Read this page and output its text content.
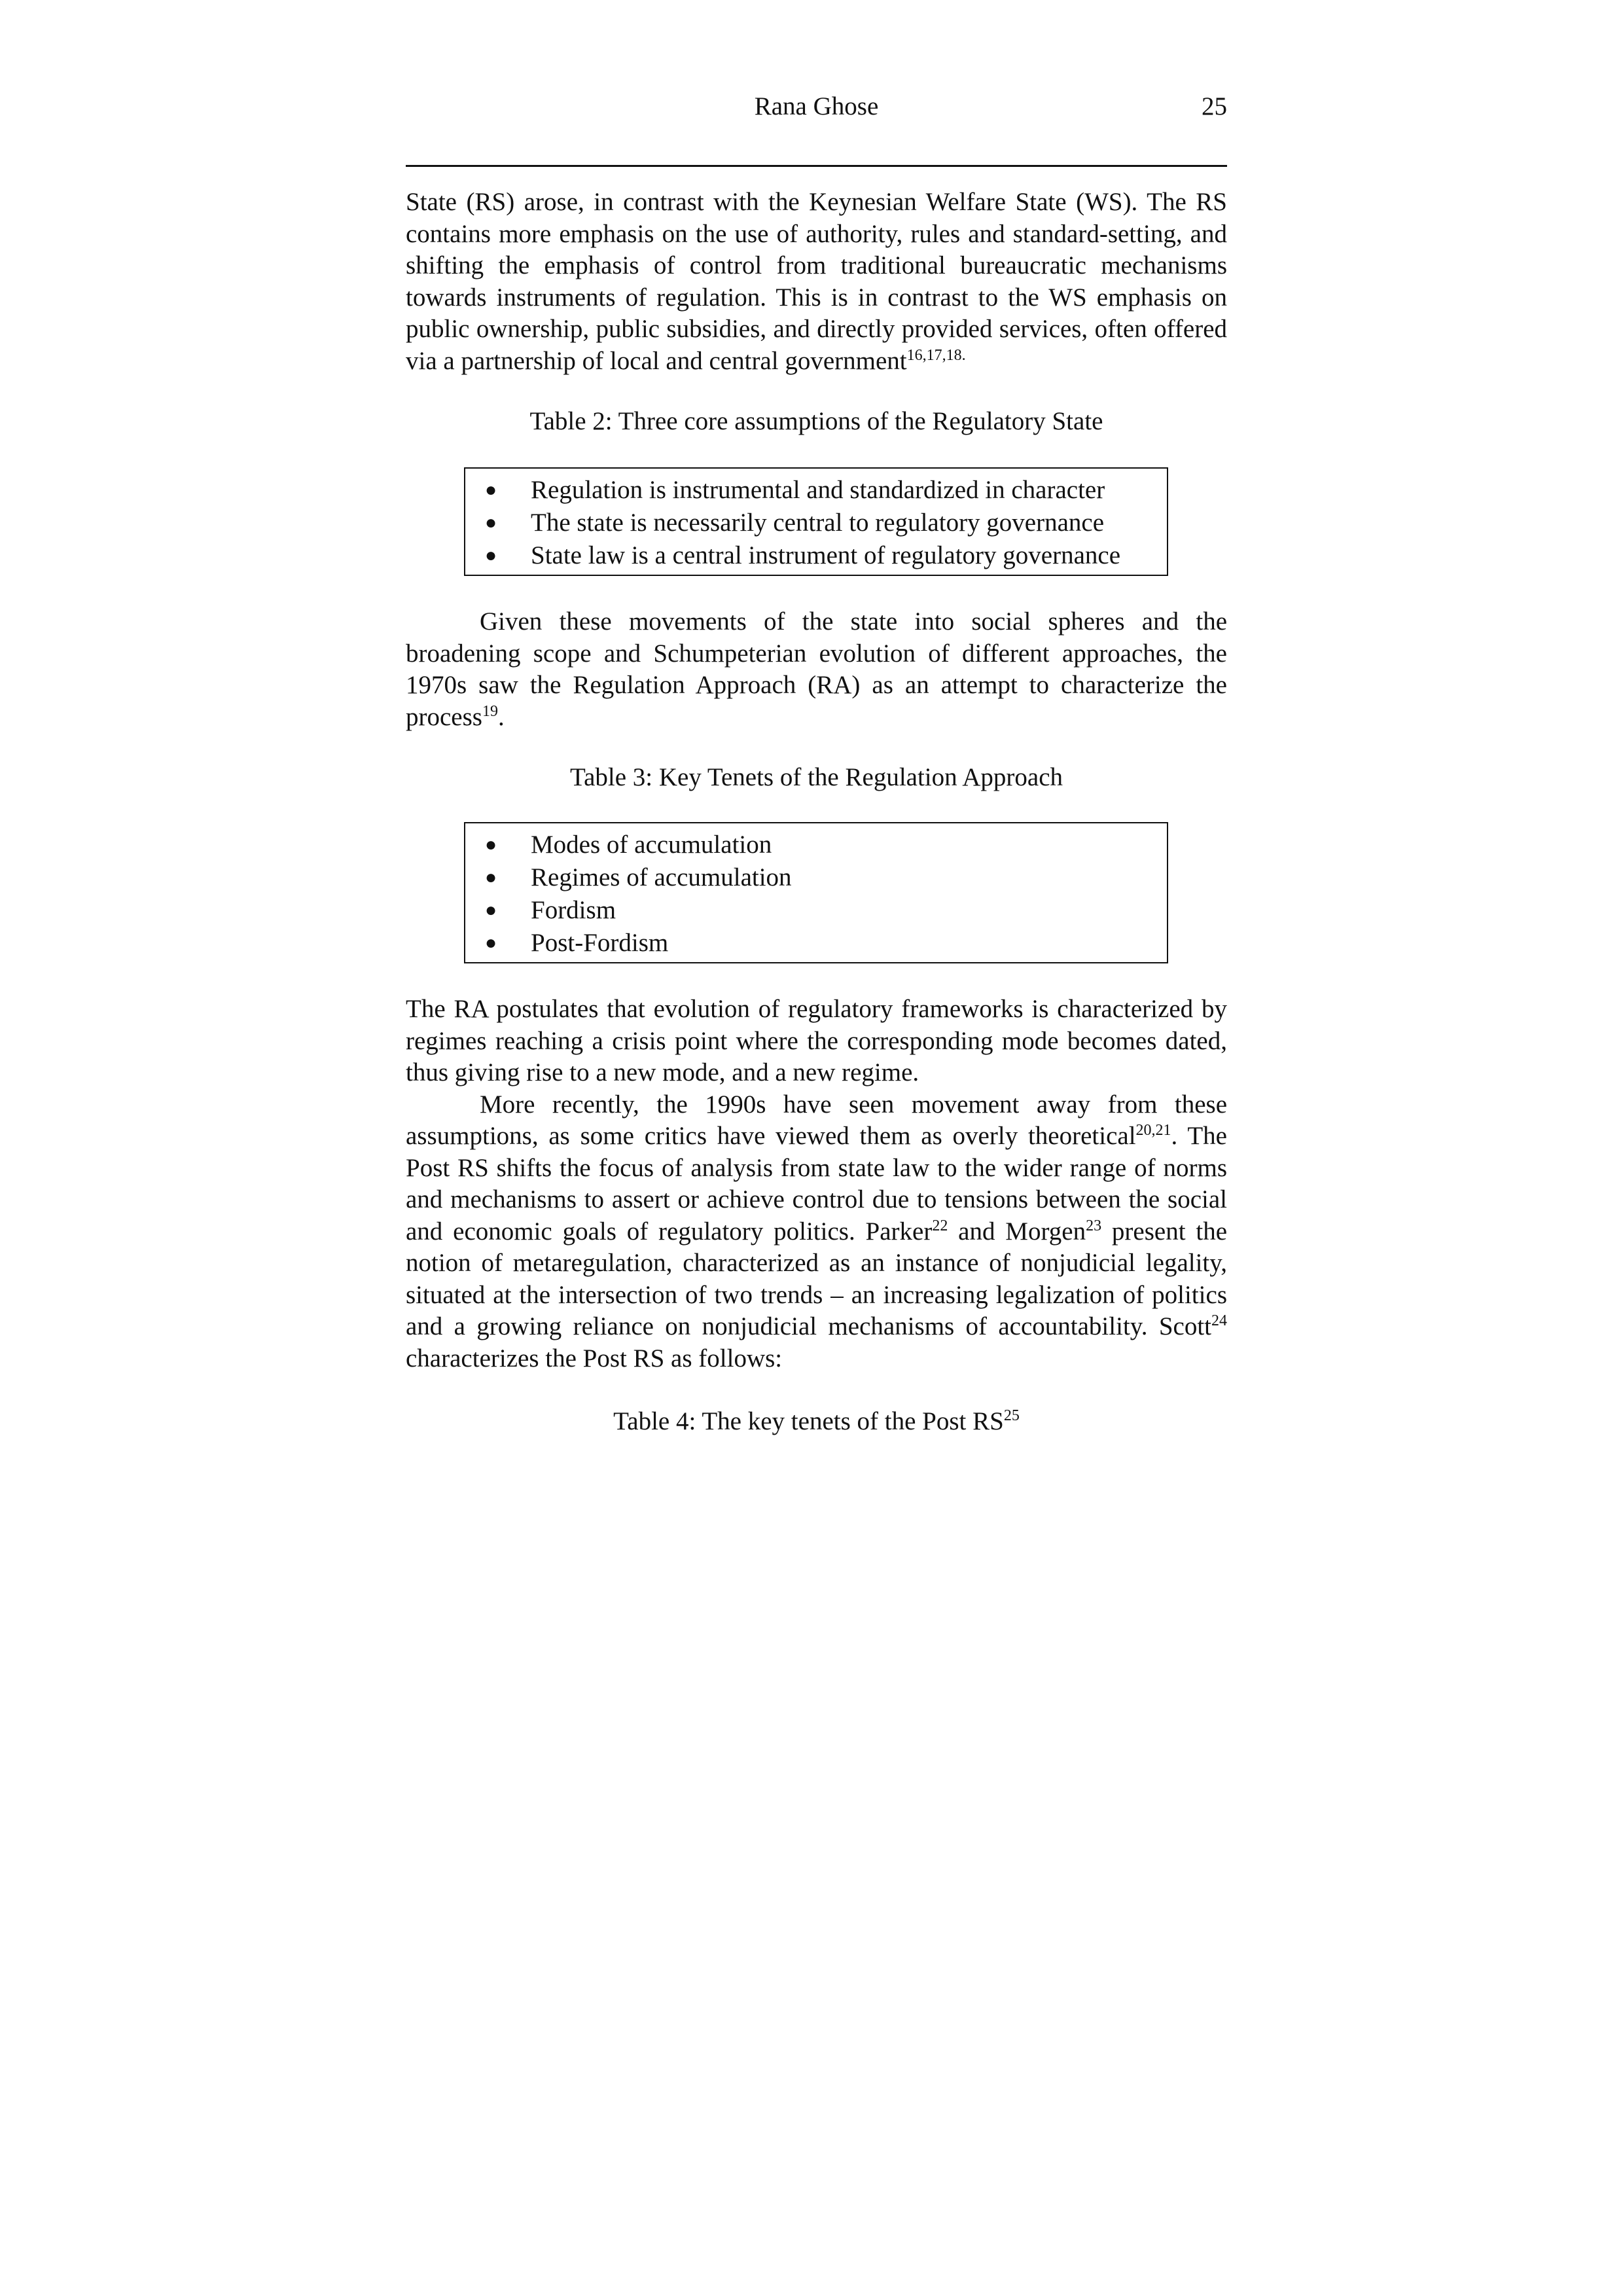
Rana Ghose	25

State (RS) arose, in contrast with the Keynesian Welfare State (WS). The RS contains more emphasis on the use of authority, rules and standard-setting, and shifting the emphasis of control from traditional bureaucratic mechanisms towards instruments of regulation. This is in contrast to the WS emphasis on public ownership, public subsidies, and directly provided services, often offered via a partnership of local and central government$^{16,17,18.}$

Table 2: Three core assumptions of the Regulatory State
● Regulation is instrumental and standardized in character
● The state is necessarily central to regulatory governance
● State law is a central instrument of regulatory governance

Given these movements of the state into social spheres and the broadening scope and Schumpeterian evolution of different approaches, the 1970s saw the Regulation Approach (RA) as an attempt to characterize the process$^{19}$.

Table 3: Key Tenets of the Regulation Approach
● Modes of accumulation
● Regimes of accumulation
● Fordism
● Post-Fordism

The RA postulates that evolution of regulatory frameworks is characterized by regimes reaching a crisis point where the corresponding mode becomes dated, thus giving rise to a new mode, and a new regime.

More recently, the 1990s have seen movement away from these assumptions, as some critics have viewed them as overly theoretical$^{20,21}$. The Post RS shifts the focus of analysis from state law to the wider range of norms and mechanisms to assert or achieve control due to tensions between the social and economic goals of regulatory politics. Parker$^{22}$ and Morgen$^{23}$ present the notion of metaregulation, characterized as an instance of nonjudicial legality, situated at the intersection of two trends – an increasing legalization of politics and a growing reliance on nonjudicial mechanisms of accountability. Scott$^{24}$ characterizes the Post RS as follows:

Table 4: The key tenets of the Post RS$^{25}$
